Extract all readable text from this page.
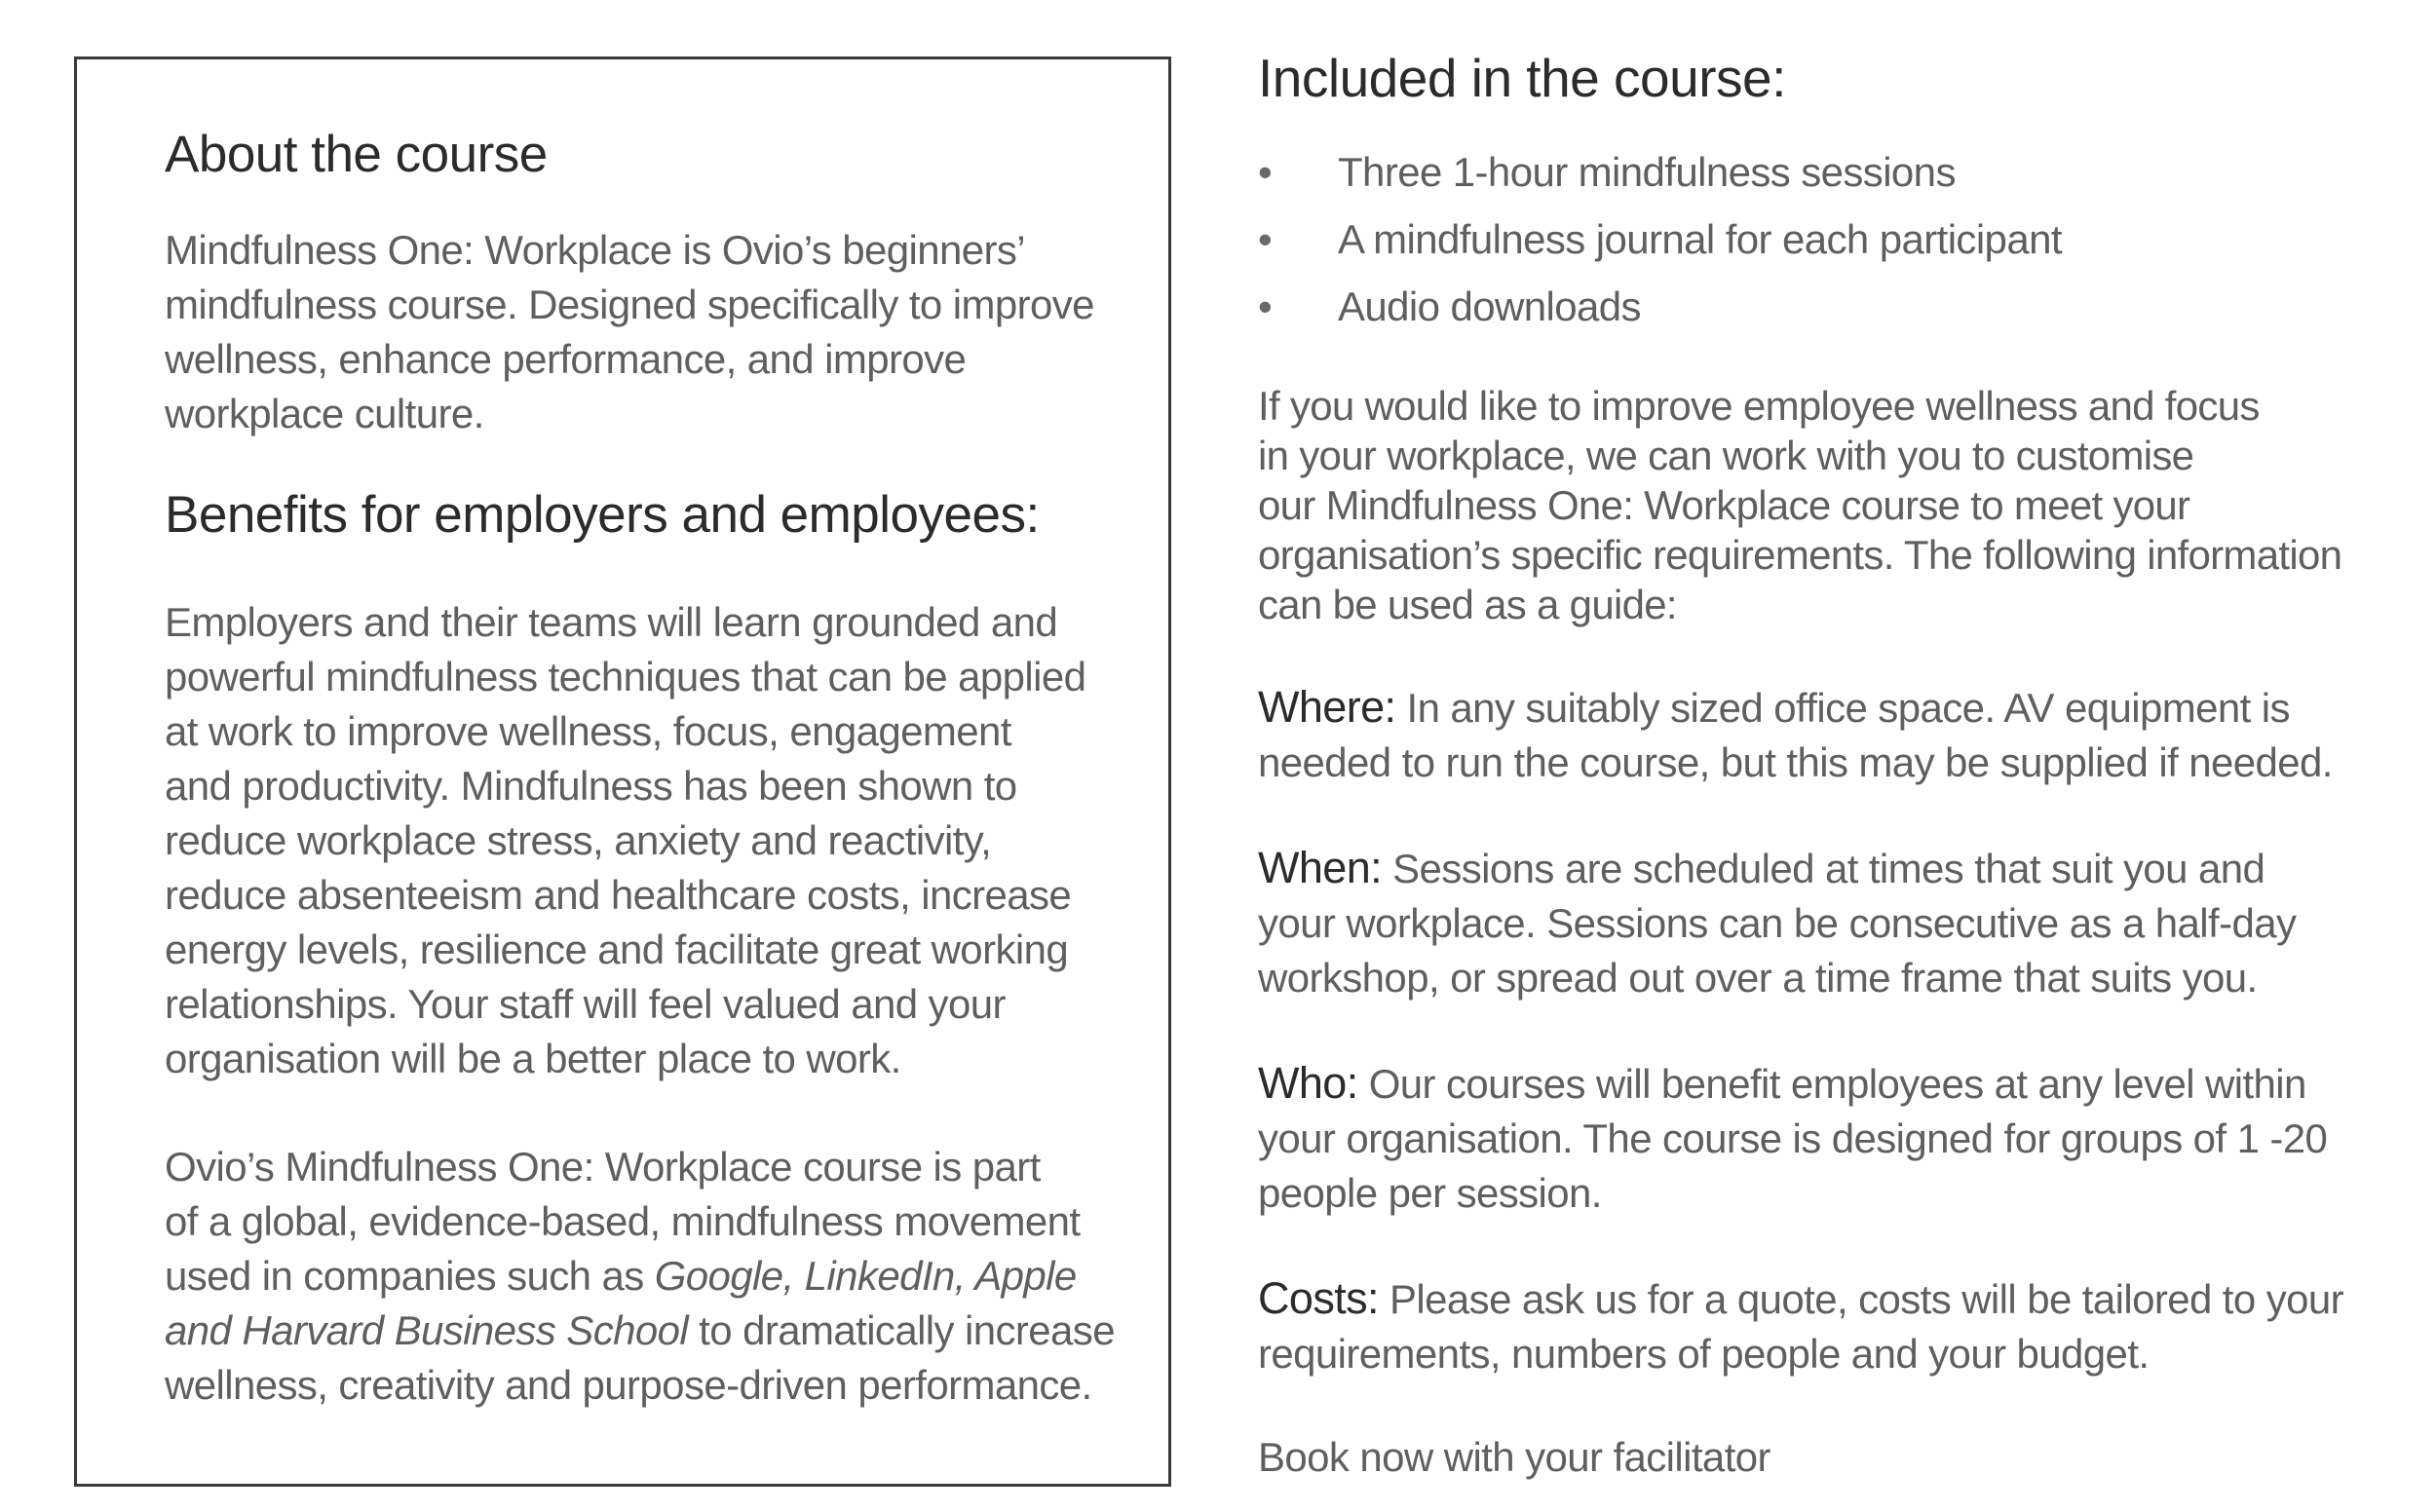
About the course

Mindfulness One: Workplace is Ovio’s beginners’
mindfulness course. Designed specifically to improve
wellness, enhance performance, and improve
workplace culture.

Benefits for employers and employees:

Employers and their teams will learn grounded and
powerful mindfulness techniques that can be applied
at work to improve wellness, focus, engagement
and productivity. Mindfulness has been shown to
reduce workplace stress, anxiety and reactivity,
reduce absenteeism and healthcare costs, increase
energy levels, resilience and facilitate great working
relationships. Your staff will feel valued and your
organisation will be a better place to work.

Ovio’s Mindfulness One: Workplace course is part
of a global, evidence-based, mindfulness movement
used in companies such as Google, LinkedIn, Apple
and Harvard Business School to dramatically increase
wellness, creativity and purpose-driven performance.

Included in the course:
• Three 1-hour mindfulness sessions
• A mindfulness journal for each participant
• Audio downloads

If you would like to improve employee wellness and focus
in your workplace, we can work with you to customise
our Mindfulness One: Workplace course to meet your
organisation’s specific requirements. The following information
can be used as a guide:

Where: In any suitably sized office space. AV equipment is
needed to run the course, but this may be supplied if needed.
When: Sessions are scheduled at times that suit you and
your workplace. Sessions can be consecutive as a half-day
workshop, or spread out over a time frame that suits you.
Who: Our courses will benefit employees at any level within
your organisation. The course is designed for groups of 1 -20
people per session.
Costs: Please ask us for a quote, costs will be tailored to your
requirements, numbers of people and your budget.
Book now with your facilitator
